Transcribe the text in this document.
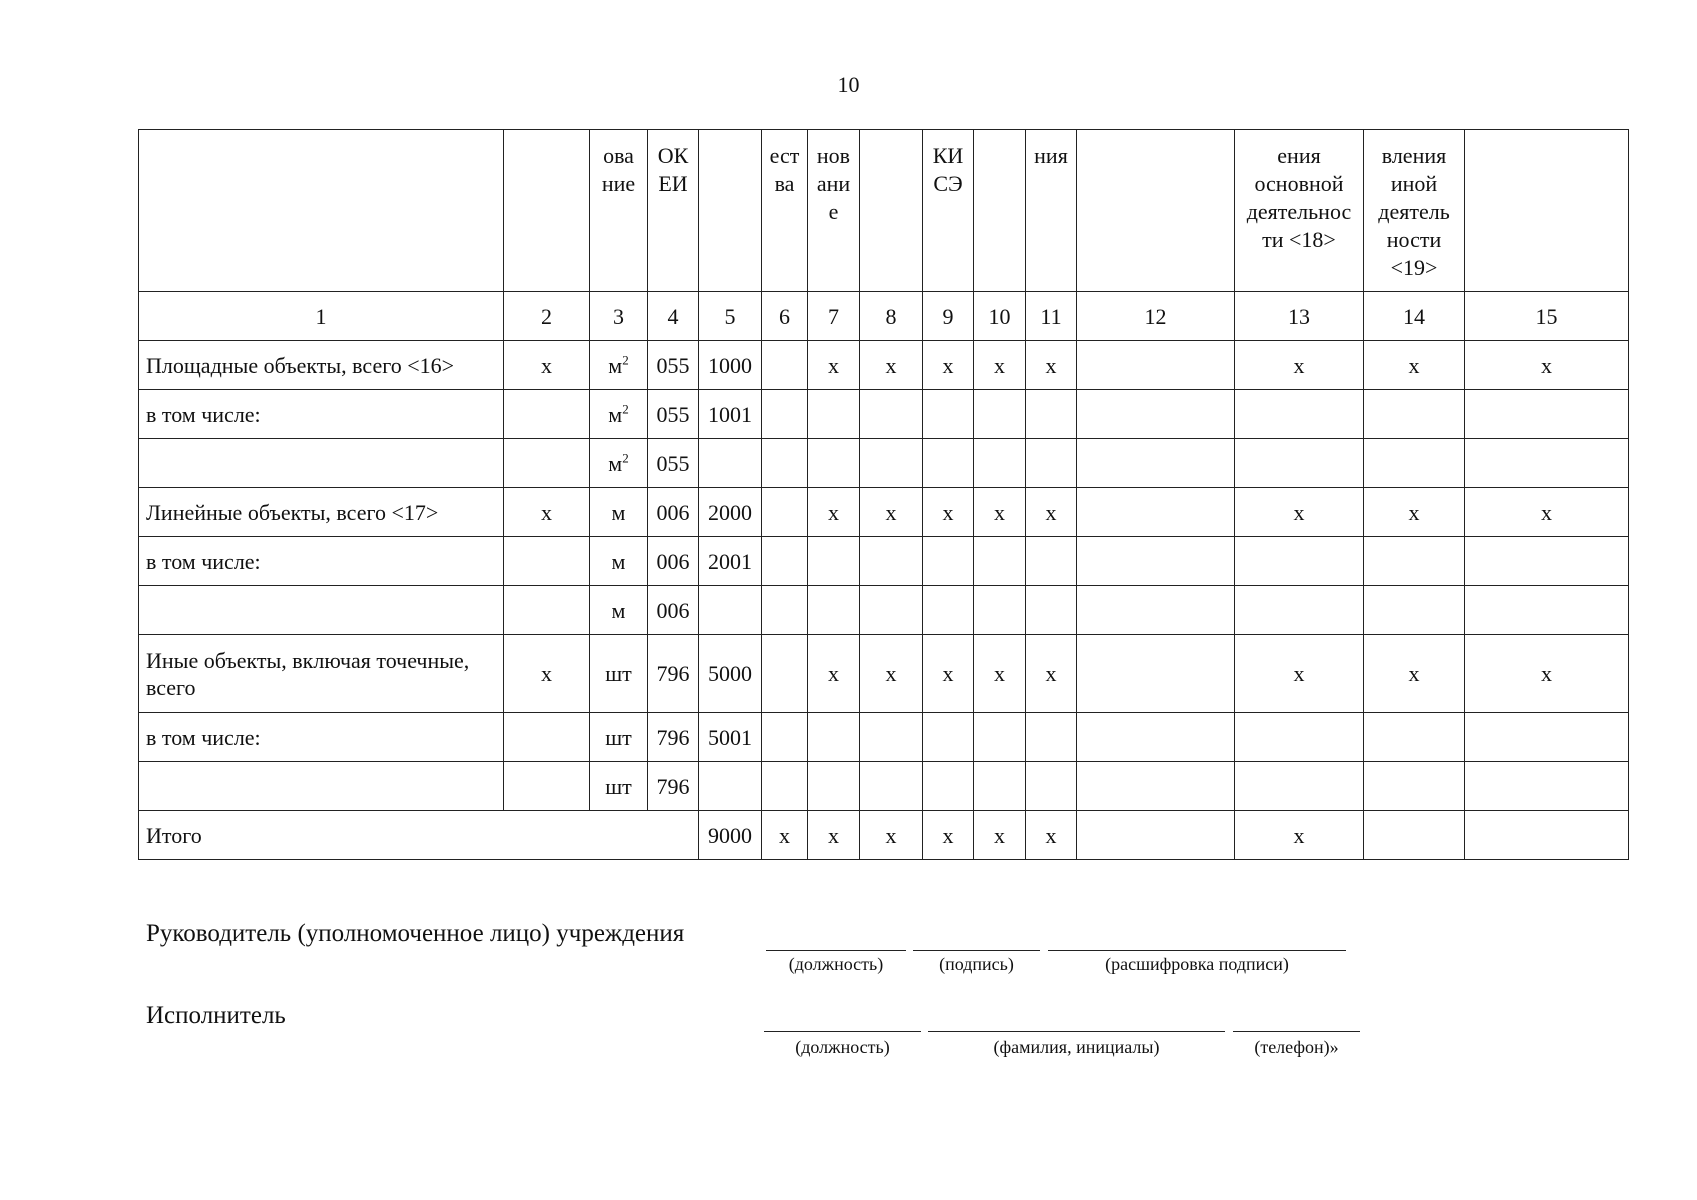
10
		ова ние	ОК ЕИ		ест ва	нов ани е		КИ СЭ		ния		ения основной деятельнос ти <18>	вления иной деятель ности <19>	
1	2	3	4	5	6	7	8	9	10	11	12	13	14	15
Площадные объекты, всего <16>	х	$м^2$	055	1000		х	х	х	х	х		х	х	х
в том числе:		$м^2$	055	1001										
		$м^2$	055											
Линейные объекты, всего <17>	х	м	006	2000		х	х	х	х	х		х	х	х
в том числе:		м	006	2001										
		м	006											
Иные объекты, включая точечные, всего	х	шт	796	5000		х	х	х	х	х		х	х	х
в том числе:		шт	796	5001										
		шт	796											
Итого				9000	х	х	х	х	х	х		х		
Руководитель (уполномоченное лицо) учреждения
(должность)	(подпись)	(расшифровка подписи)
Исполнитель
(должность)	(фамилия, инициалы)	(телефон)»
